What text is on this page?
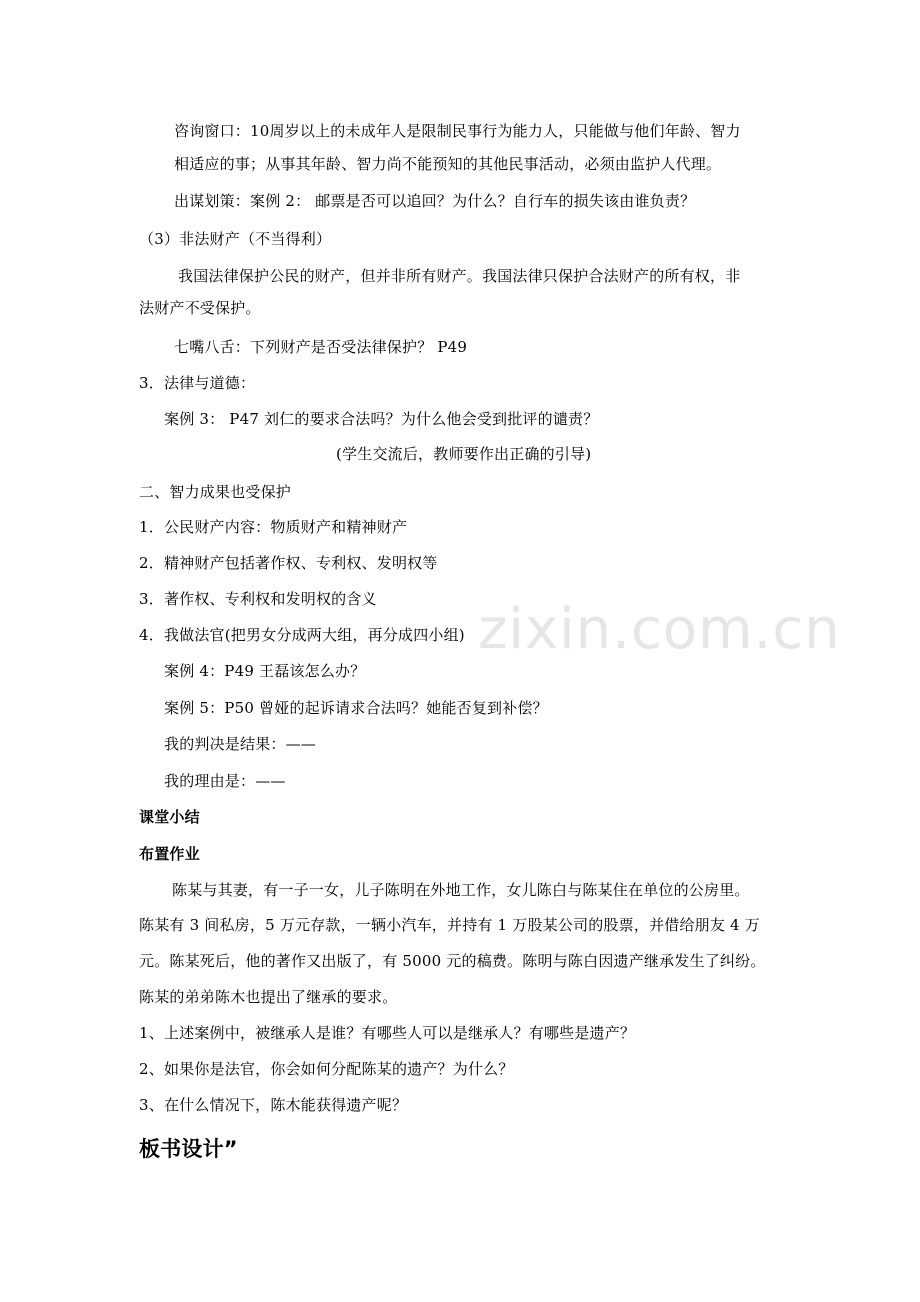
zixin.com.cn
咨询窗口：10周岁以上的未成年人是限制民事行为能力人，只能做与他们年龄、智力
相适应的事；从事其年龄、智力尚不能预知的其他民事活动，必须由监护人代理。
出谋划策：案例 2： 邮票是否可以追回？为什么？自行车的损失该由谁负责？
（3）非法财产（不当得利）
我国法律保护公民的财产，但并非所有财产。我国法律只保护合法财产的所有权，非
法财产不受保护。
七嘴八舌：下列财产是否受法律保护？ P49
3．法律与道德：
案例 3： P47 刘仁的要求合法吗？为什么他会受到批评的谴责？
(学生交流后，教师要作出正确的引导)
二、智力成果也受保护
1．公民财产内容：物质财产和精神财产
2．精神财产包括著作权、专利权、发明权等
3．著作权、专利权和发明权的含义
4．我做法官(把男女分成两大组，再分成四小组)
案例 4：P49 王磊该怎么办？
案例 5：P50 曾娅的起诉请求合法吗？她能否复到补偿？
我的判决是结果：——
我的理由是：——
课堂小结
布置作业
陈某与其妻，有一子一女，儿子陈明在外地工作，女儿陈白与陈某住在单位的公房里。
陈某有 3 间私房，5 万元存款，一辆小汽车，并持有 1 万股某公司的股票，并借给朋友 4 万
元。陈某死后，他的著作又出版了，有 5000 元的稿费。陈明与陈白因遗产继承发生了纠纷。
陈某的弟弟陈木也提出了继承的要求。
1、上述案例中，被继承人是谁？有哪些人可以是继承人？有哪些是遗产？
2、如果你是法官，你会如何分配陈某的遗产？为什么？
3、在什么情况下，陈木能获得遗产呢？
板书设计”
